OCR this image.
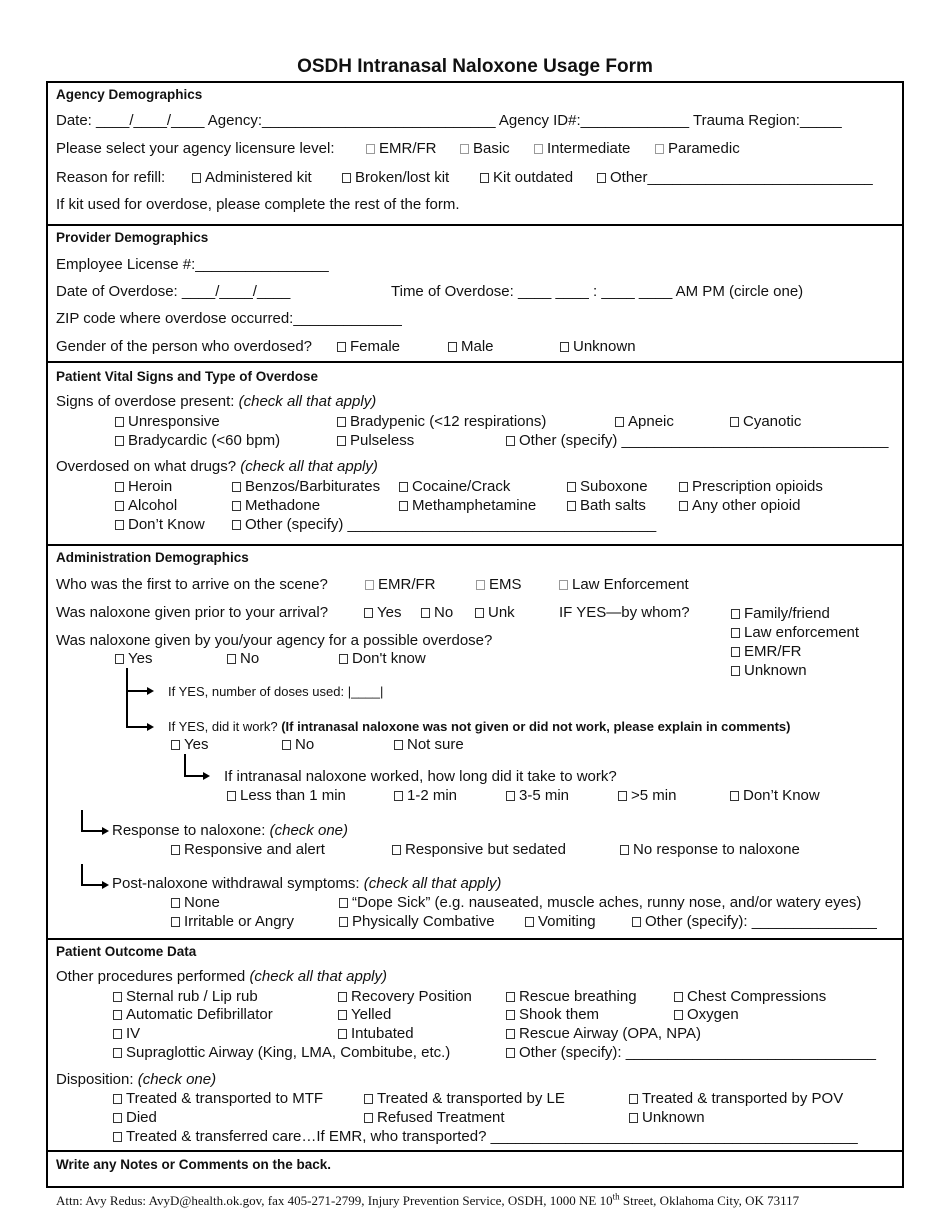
OSDH Intranasal Naloxone Usage Form
Agency Demographics
Date: ____/____/____ Agency:____________________________ Agency ID#:_____________ Trauma Region:_____
Please select your agency licensure level:	EMR/FR	Basic	Intermediate	Paramedic
Reason for refill:	Administered kit	Broken/lost kit	Kit outdated	Other___________________________
If kit used for overdose, please complete the rest of the form.
Provider Demographics
Employee License #:________________
Date of Overdose: ____/____/____	Time of Overdose: ____ ____ : ____ ____ AM PM (circle one)
ZIP code where overdose occurred:_____________
Gender of the person who overdosed?	Female	Male	Unknown
Patient Vital Signs and Type of Overdose
Signs of overdose present: (check all that apply)
Unresponsive	Bradypenic (<12 respirations)	Apneic	Cyanotic
Bradycardic (<60 bpm)	Pulseless	Other (specify) ________________________________
Overdosed on what drugs? (check all that apply)
Heroin	Benzos/Barbiturates	Cocaine/Crack	Suboxone	Prescription opioids
Alcohol	Methadone	Methamphetamine	Bath salts	Any other opioid
Don’t Know	Other (specify) _____________________________________
Administration Demographics
Who was the first to arrive on the scene?	EMR/FR	EMS	Law Enforcement
Was naloxone given prior to your arrival?	Yes	No	Unk	IF YES—by whom?	Family/friend
Law enforcement
EMR/FR
Unknown
Was naloxone given by you/your agency for a possible overdose?
Yes	No	Don't know
If YES, number of doses used: |____|
If YES, did it work? (If intranasal naloxone was not given or did not work, please explain in comments)
Yes	No	Not sure
If intranasal naloxone worked, how long did it take to work?
Less than 1 min	1-2 min	3-5 min	>5 min	Don’t Know
Response to naloxone: (check one)
Responsive and alert	Responsive but sedated	No response to naloxone
Post-naloxone withdrawal symptoms: (check all that apply)
None	“Dope Sick” (e.g. nauseated, muscle aches, runny nose, and/or watery eyes)
Irritable or Angry	Physically Combative	Vomiting	Other (specify): _______________
Patient Outcome Data
Other procedures performed (check all that apply)
Sternal rub / Lip rub	Recovery Position	Rescue breathing	Chest Compressions
Automatic Defibrillator	Yelled	Shook them	Oxygen
IV	Intubated	Rescue Airway (OPA, NPA)
Supraglottic Airway (King, LMA, Combitube, etc.)	Other (specify): ______________________________
Disposition: (check one)
Treated & transported to MTF	Treated & transported by LE	Treated & transported by POV
Died	Refused Treatment	Unknown
Treated & transferred care…If EMR, who transported? ____________________________________________
Write any Notes or Comments on the back.
Attn: Avy Redus: AvyD@health.ok.gov, fax 405-271-2799, Injury Prevention Service, OSDH, 1000 NE 10th Street, Oklahoma City, OK 73117
